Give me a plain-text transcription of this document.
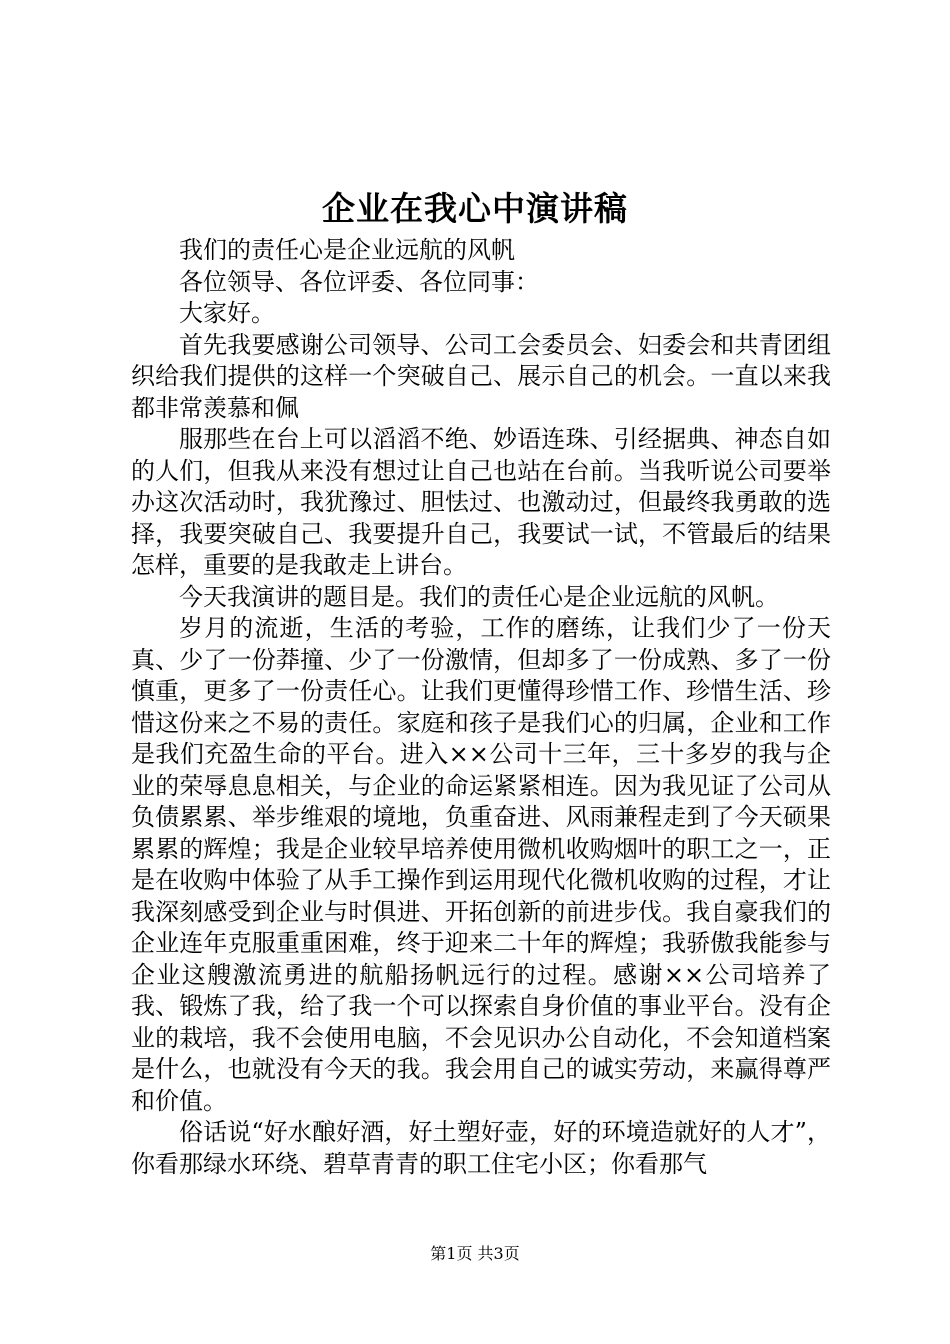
企业在我心中演讲稿

我们的责任心是企业远航的风帆

各位领导、各位评委、各位同事：

大家好。

首先我要感谢公司领导、公司工会委员会、妇委会和共青团组织给我们提供的这样一个突破自己、展示自己的机会。一直以来我都非常羡慕和佩

服那些在台上可以滔滔不绝、妙语连珠、引经据典、神态自如的人们，但我从来没有想过让自己也站在台前。当我听说公司要举办这次活动时，我犹豫过、胆怯过、也激动过，但最终我勇敢的选择，我要突破自己、我要提升自己，我要试一试，不管最后的结果怎样，重要的是我敢走上讲台。

今天我演讲的题目是。我们的责任心是企业远航的风帆。

岁月的流逝，生活的考验，工作的磨练，让我们少了一份天真、少了一份莽撞、少了一份激情，但却多了一份成熟、多了一份慎重，更多了一份责任心。让我们更懂得珍惜工作、珍惜生活、珍惜这份来之不易的责任。家庭和孩子是我们心的归属，企业和工作是我们充盈生命的平台。进入××公司十三年，三十多岁的我与企业的荣辱息息相关，与企业的命运紧紧相连。因为我见证了公司从负债累累、举步维艰的境地，负重奋进、风雨兼程走到了今天硕果累累的辉煌；我是企业较早培养使用微机收购烟叶的职工之一，正是在收购中体验了从手工操作到运用现代化微机收购的过程，才让我深刻感受到企业与时俱进、开拓创新的前进步伐。我自豪我们的企业连年克服重重困难，终于迎来二十年的辉煌；我骄傲我能参与企业这艘激流勇进的航船扬帆远行的过程。感谢××公司培养了我、锻炼了我，给了我一个可以探索自身价值的事业平台。没有企业的栽培，我不会使用电脑，不会见识办公自动化，不会知道档案是什么，也就没有今天的我。我会用自己的诚实劳动，来赢得尊严和价值。

俗话说“好水酿好酒，好土塑好壶，好的环境造就好的人才”，你看那绿水环绕、碧草青青的职工住宅小区；你看那气

第1页 共3页
